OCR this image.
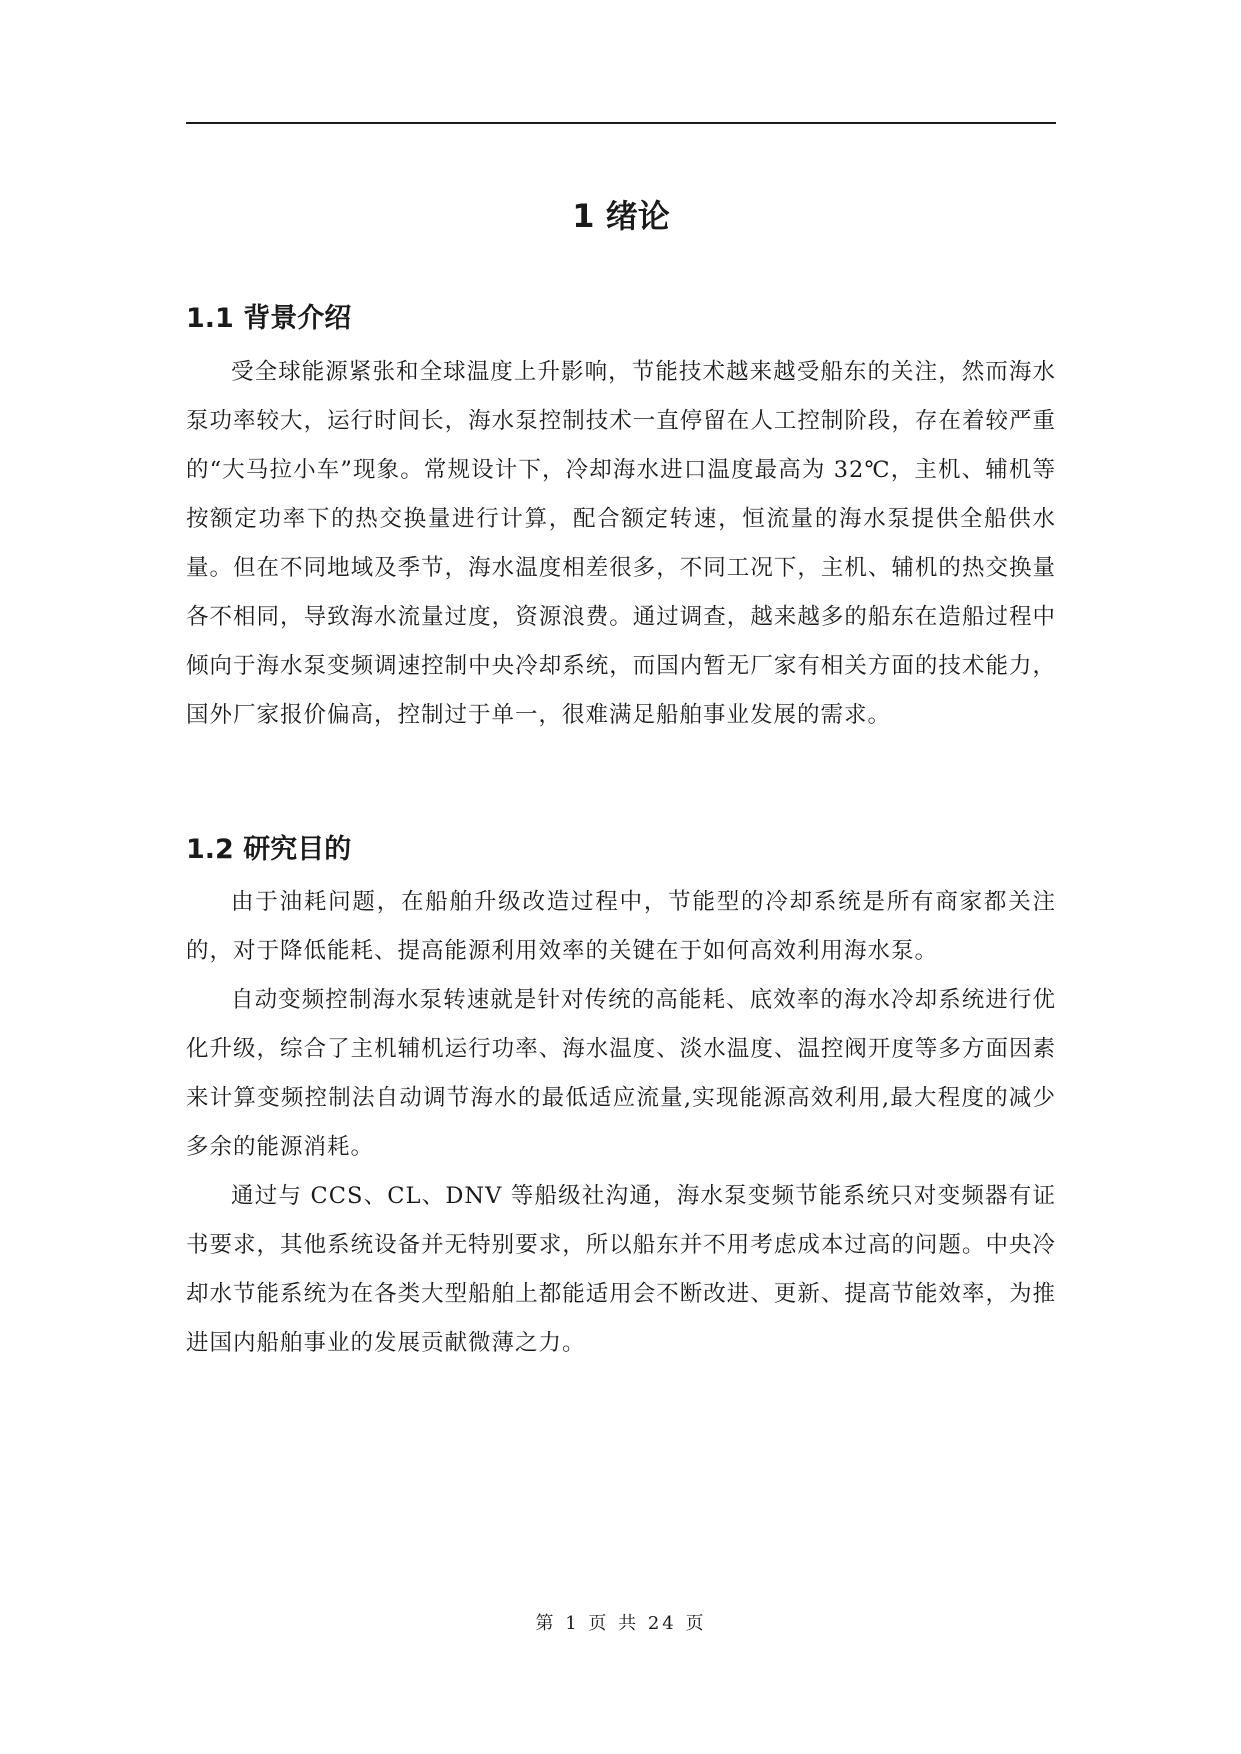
1 绪论
1.1 背景介绍

受全球能源紧张和全球温度上升影响，节能技术越来越受船东的关注，然而海水泵功率较大，运行时间长，海水泵控制技术一直停留在人工控制阶段，存在着较严重的“大马拉小车”现象。常规设计下，冷却海水进口温度最高为 32℃，主机、辅机等按额定功率下的热交换量进行计算，配合额定转速，恒流量的海水泵提供全船供水量。但在不同地域及季节，海水温度相差很多，不同工况下，主机、辅机的热交换量各不相同，导致海水流量过度，资源浪费。通过调查，越来越多的船东在造船过程中倾向于海水泵变频调速控制中央冷却系统，而国内暂无厂家有相关方面的技术能力，国外厂家报价偏高，控制过于单一，很难满足船舶事业发展的需求。

1.2 研究目的

由于油耗问题，在船舶升级改造过程中，节能型的冷却系统是所有商家都关注的，对于降低能耗、提高能源利用效率的关键在于如何高效利用海水泵。

自动变频控制海水泵转速就是针对传统的高能耗、底效率的海水冷却系统进行优化升级，综合了主机辅机运行功率、海水温度、淡水温度、温控阀开度等多方面因素来计算变频控制法自动调节海水的最低适应流量,实现能源高效利用,最大程度的减少多余的能源消耗。

通过与 CCS、CL、DNV 等船级社沟通，海水泵变频节能系统只对变频器有证书要求，其他系统设备并无特别要求，所以船东并不用考虑成本过高的问题。中央冷却水节能系统为在各类大型船舶上都能适用会不断改进、更新、提高节能效率，为推进国内船舶事业的发展贡献微薄之力。

第 1 页 共 24 页
